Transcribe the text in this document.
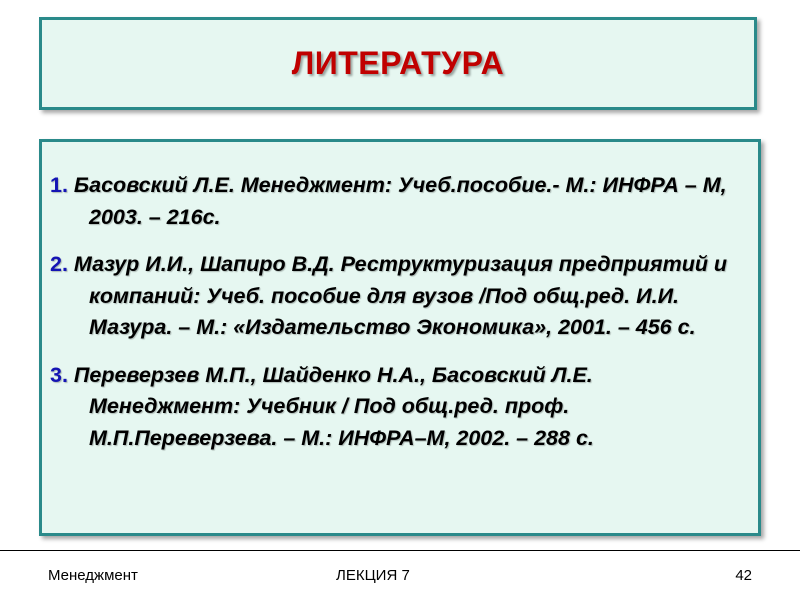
ЛИТЕРАТУРА

1. Басовский Л.Е. Менеджмент: Учеб.пособие.- М.: ИНФРА – М, 2003. – 216с.

2. Мазур И.И., Шапиро В.Д. Реструктуризация предприятий и компаний: Учеб. пособие для вузов /Под общ.ред. И.И. Мазура. – М.: «Издательство Экономика», 2001. – 456 с.

3. Переверзев М.П., Шайденко Н.А., Басовский Л.Е. Менеджмент: Учебник / Под общ.ред. проф. М.П.Переверзева. – М.: ИНФРА–М, 2002. – 288 с.

Менеджмент	ЛЕКЦИЯ 7	42
